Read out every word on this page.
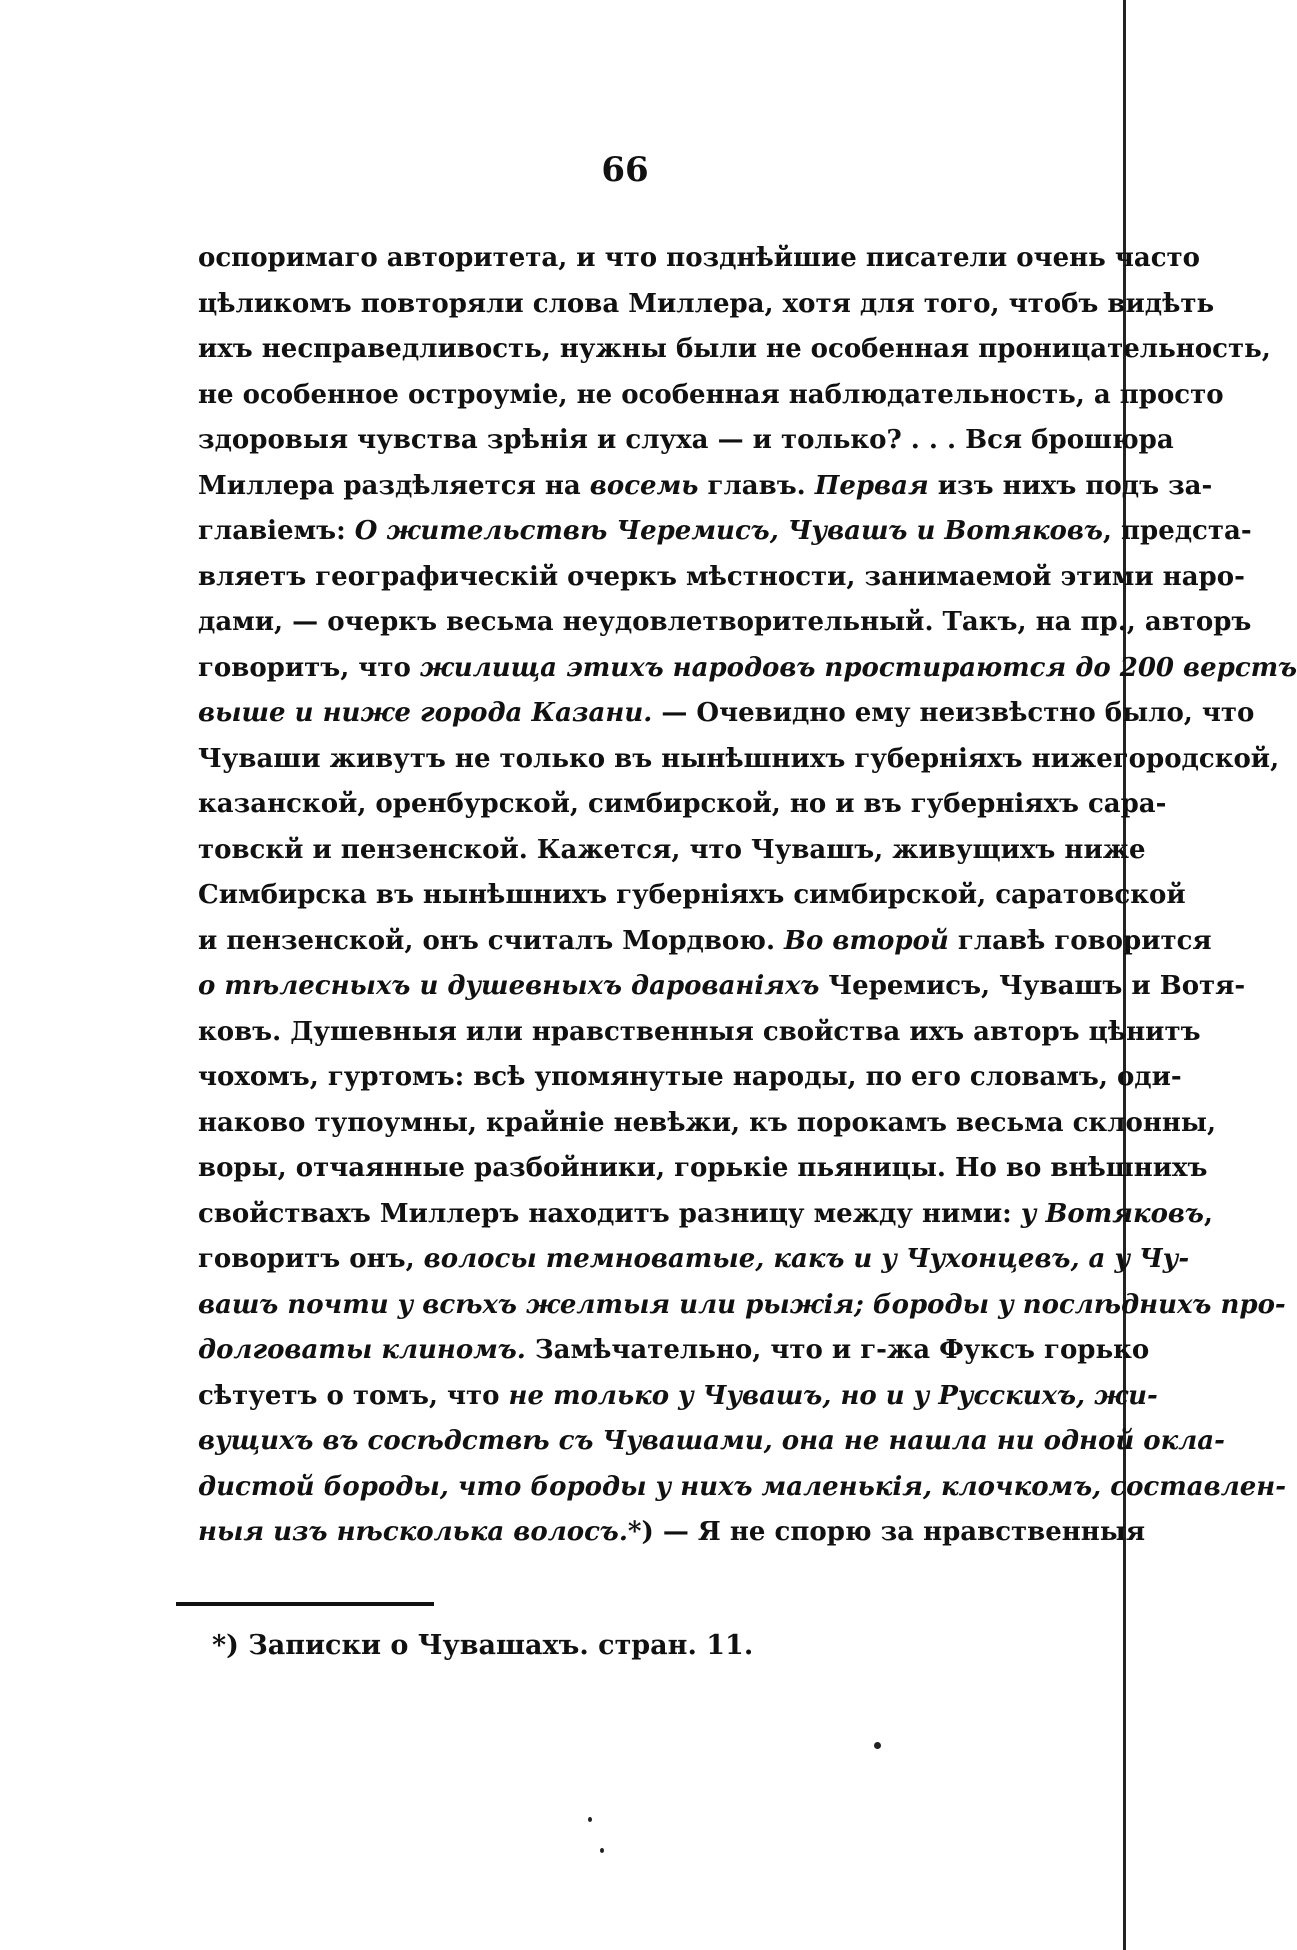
66
оспоримаго авторитета, и что позднѣйшие писатели очень часто
цѣликомъ повторяли слова Миллера, хотя для того, чтобъ видѣть
ихъ несправедливость, нужны были не особенная проницательность,
не особенное остроуміе, не особенная наблюдательность, а просто
здоровыя чувства зрѣнія и слуха — и только? . . . Вся брошюра
Миллера раздѣляется на восемь главъ. Первая изъ нихъ подъ за-
главіемъ: О жительствѣ Черемисъ, Чувашъ и Вотяковъ, предста-
вляетъ географическій очеркъ мѣстности, занимаемой этими наро-
дами, — очеркъ весьма неудовлетворительный. Такъ, на пр., авторъ
говоритъ, что жилища этихъ народовъ простираются до 200 верстъ
выше и ниже города Казани. — Очевидно ему неизвѣстно было, что
Чуваши живутъ не только въ нынѣшнихъ губерніяхъ нижегородской,
казанской, оренбурской, симбирской, но и въ губерніяхъ сара-
товскй и пензенской. Кажется, что Чувашъ, живущихъ ниже
Симбирска въ нынѣшнихъ губерніяхъ симбирской, саратовской
и пензенской, онъ считалъ Мордвою. Во второй главѣ говорится
о тѣлесныхъ и душевныхъ дарованіяхъ Черемисъ, Чувашъ и Вотя-
ковъ. Душевныя или нравственныя свойства ихъ авторъ цѣнитъ
чохомъ, гуртомъ: всѣ упомянутые народы, по его словамъ, оди-
наково тупоумны, крайніе невѣжи, къ порокамъ весьма склонны,
воры, отчаянные разбойники, горькіе пьяницы. Но во внѣшнихъ
свойствахъ Миллеръ находитъ разницу между ними: у Вотяковъ,
говоритъ онъ, волосы темноватые, какъ и у Чухонцевъ, а у Чу-
вашъ почти у всѣхъ желтыя или рыжія; бороды у послѣднихъ про-
долговаты клиномъ. Замѣчательно, что и г-жа Фуксъ горько
сѣтуетъ о томъ, что не только у Чувашъ, но и у Русскихъ, жи-
вущихъ въ сосѣдствѣ съ Чувашами, она не нашла ни одной окла-
дистой бороды, что бороды у нихъ маленькія, клочкомъ, составлен-
ныя изъ нѣсколька волосъ.*) — Я не спорю за нравственныя
*) Записки о Чувашахъ. стран. 11.
